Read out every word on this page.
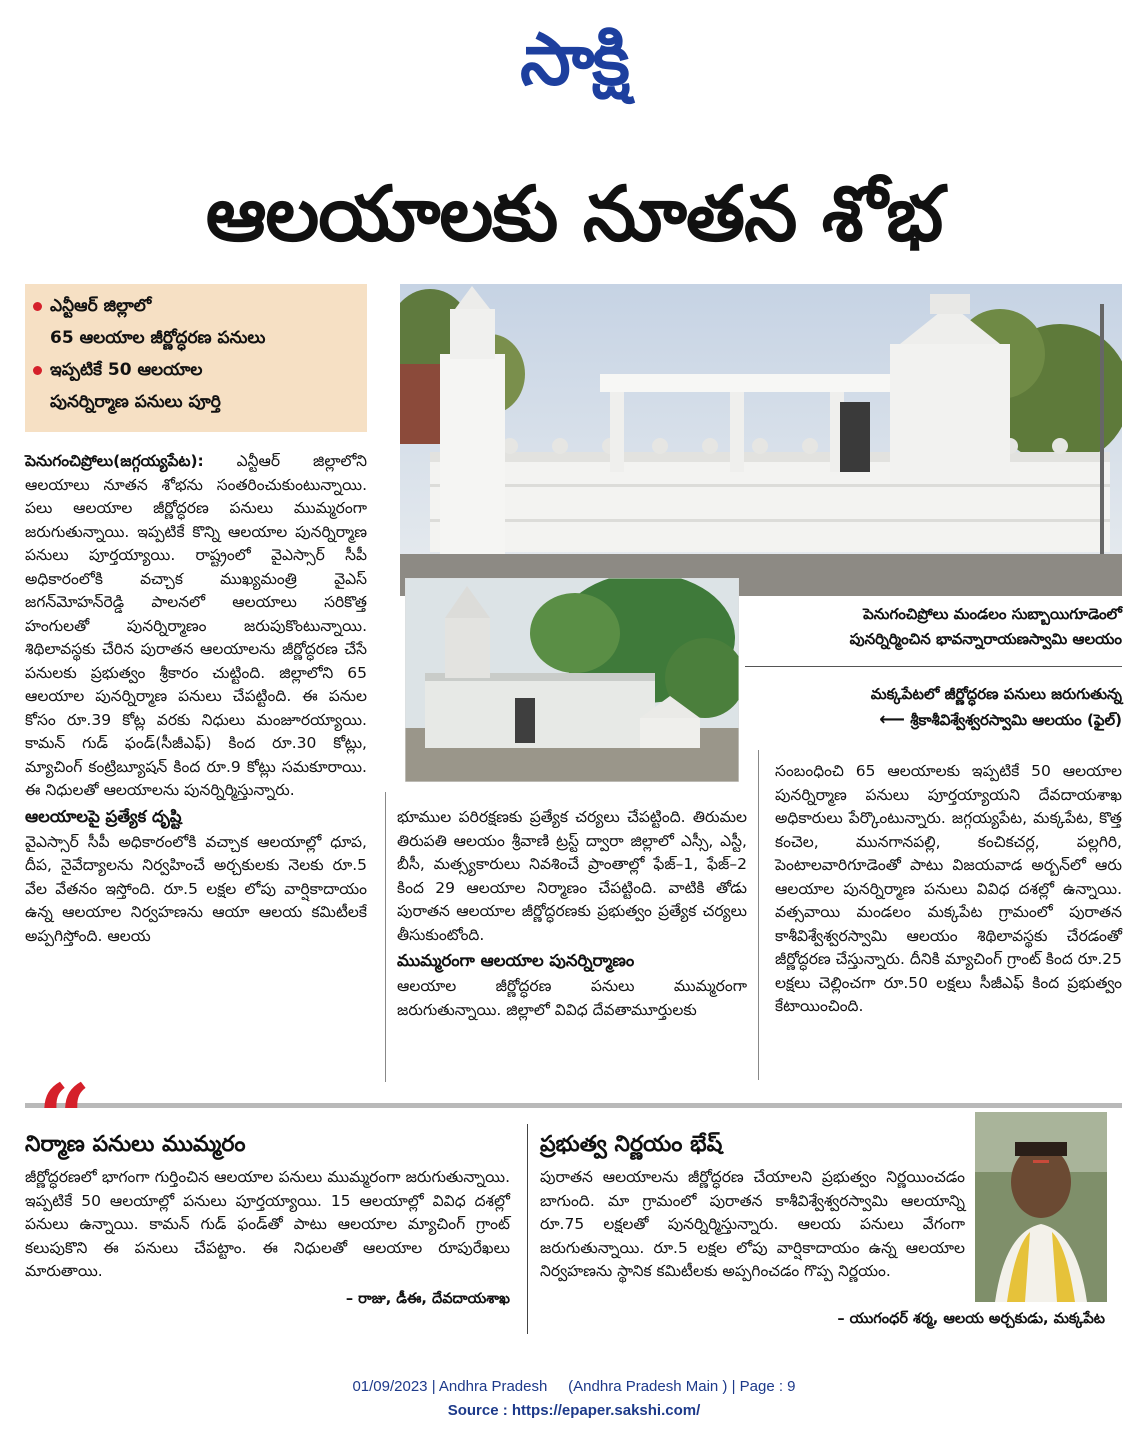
సాక్షి
ఆలయాలకు నూతన శోభ
ఎన్టీఆర్ జిల్లాలో
65 ఆలయాల జీర్ణోద్ధరణ పనులు
ఇప్పటికే 50 ఆలయాల
పునర్నిర్మాణ పనులు పూర్తి
పెనుగంచిప్రోలు మండలం సుబ్బాయిగూడెంలో
పునర్నిర్మించిన భావన్నారాయణస్వామి ఆలయం
మక్కపేటలో జీర్ణోద్ధరణ పనులు జరుగుతున్న
⟵ శ్రీకాశీవిశ్వేశ్వరస్వామి ఆలయం (ఫైల్)

పెనుగంచిప్రోలు(జగ్గయ్యపేట): ఎన్టీఆర్ జిల్లాలోని ఆలయాలు నూతన శోభను సంతరించుకుంటున్నాయి. పలు ఆలయాల జీర్ణోద్ధరణ పనులు ముమ్మరంగా జరుగుతున్నాయి. ఇప్పటికే కొన్ని ఆలయాల పునర్నిర్మాణ పనులు పూర్తయ్యాయి. రాష్ట్రంలో వైఎస్సార్ సీపీ అధికారంలోకి వచ్చాక ముఖ్యమంత్రి వైఎస్ జగన్‌మోహన్‌రెడ్డి పాలనలో ఆలయాలు సరికొత్త హంగులతో పునర్నిర్మాణం జరుపుకొంటున్నాయి. శిథిలావస్థకు చేరిన పురాతన ఆలయాలను జీర్ణోద్ధరణ చేసే పనులకు ప్రభుత్వం శ్రీకారం చుట్టింది. జిల్లాలోని 65 ఆలయాల పునర్నిర్మాణ పనులు చేపట్టింది. ఈ పనుల కోసం రూ.39 కోట్ల వరకు నిధులు మంజూరయ్యాయి. కామన్ గుడ్ ఫండ్(సీజీఎఫ్) కింద రూ.30 కోట్లు, మ్యాచింగ్ కంట్రిబ్యూషన్ కింద రూ.9 కోట్లు సమకూరాయి. ఈ నిధులతో ఆలయాలను పునర్నిర్మిస్తున్నారు.

ఆలయాలపై ప్రత్యేక దృష్టి

వైఎస్సార్ సీపీ అధికారంలోకి వచ్చాక ఆలయాల్లో ధూప, దీప, నైవేద్యాలను నిర్వహించే అర్చకులకు నెలకు రూ.5 వేల వేతనం ఇస్తోంది. రూ.5 లక్షల లోపు వార్షికాదాయం ఉన్న ఆలయాల నిర్వహణను ఆయా ఆలయ కమిటీలకే అప్పగిస్తోంది. ఆలయ

భూముల పరిరక్షణకు ప్రత్యేక చర్యలు చేపట్టింది. తిరుమల తిరుపతి ఆలయం శ్రీవాణి ట్రస్ట్ ద్వారా జిల్లాలో ఎస్సీ, ఎస్టీ, బీసీ, మత్స్యకారులు నివశించే ప్రాంతాల్లో ఫేజ్–1, ఫేజ్–2 కింద 29 ఆలయాల నిర్మాణం చేపట్టింది. వాటికి తోడు పురాతన ఆలయాల జీర్ణోద్ధరణకు ప్రభుత్వం ప్రత్యేక చర్యలు తీసుకుంటోంది.

ముమ్మరంగా ఆలయాల పునర్నిర్మాణం

ఆలయాల జీర్ణోద్ధరణ పనులు ముమ్మరంగా జరుగుతున్నాయి. జిల్లాలో వివిధ దేవతామూర్తులకు

సంబంధించి 65 ఆలయాలకు ఇప్పటికే 50 ఆలయాల పునర్నిర్మాణ పనులు పూర్తయ్యాయని దేవదాయశాఖ అధికారులు పేర్కొంటున్నారు. జగ్గయ్యపేట, మక్కపేట, కొత్త కంచెల, మునగానపల్లి, కంచికచర్ల, పల్లగిరి, పెంటాలవారిగూడెంతో పాటు విజయవాడ అర్బన్‌లో ఆరు ఆలయాల పునర్నిర్మాణ పనులు వివిధ దశల్లో ఉన్నాయి. వత్సవాయి మండలం మక్కపేట గ్రామంలో పురాతన కాశీవిశ్వేశ్వరస్వామి ఆలయం శిథిలావస్థకు చేరడంతో జీర్ణోద్ధరణ చేస్తున్నారు. దీనికి మ్యాచింగ్ గ్రాంట్ కింద రూ.25 లక్షలు చెల్లించగా రూ.50 లక్షలు సీజీఎఫ్ కింద ప్రభుత్వం కేటాయించింది.

“
నిర్మాణ పనులు ముమ్మరం
జీర్ణోద్ధరణలో భాగంగా గుర్తించిన ఆలయాల పనులు ముమ్మరంగా జరుగుతున్నాయి. ఇప్పటికే 50 ఆలయాల్లో పనులు పూర్తయ్యాయి. 15 ఆలయాల్లో వివిధ దశల్లో పనులు ఉన్నాయి. కామన్ గుడ్ ఫండ్‌తో పాటు ఆలయాల మ్యాచింగ్ గ్రాంట్ కలుపుకొని ఈ పనులు చేపట్టాం. ఈ నిధులతో ఆలయాల రూపురేఖలు మారుతాయి.
– రాజు, డీఈ, దేవదాయశాఖ
ప్రభుత్వ నిర్ణయం భేష్
పురాతన ఆలయాలను జీర్ణోద్ధరణ చేయాలని ప్రభుత్వం నిర్ణయించడం బాగుంది. మా గ్రామంలో పురాతన కాశీవిశ్వేశ్వరస్వామి ఆలయాన్ని రూ.75 లక్షలతో పునర్నిర్మిస్తున్నారు. ఆలయ పనులు వేగంగా జరుగుతున్నాయి. రూ.5 లక్షల లోపు వార్షికాదాయం ఉన్న ఆలయాల నిర్వహణను స్థానిక కమిటీలకు అప్పగించడం గొప్ప నిర్ణయం.
– యుగంధర్ శర్మ, ఆలయ అర్చకుడు, మక్కపేట
01/09/2023 | Andhra Pradesh     (Andhra Pradesh Main ) | Page : 9
Source : https://epaper.sakshi.com/
